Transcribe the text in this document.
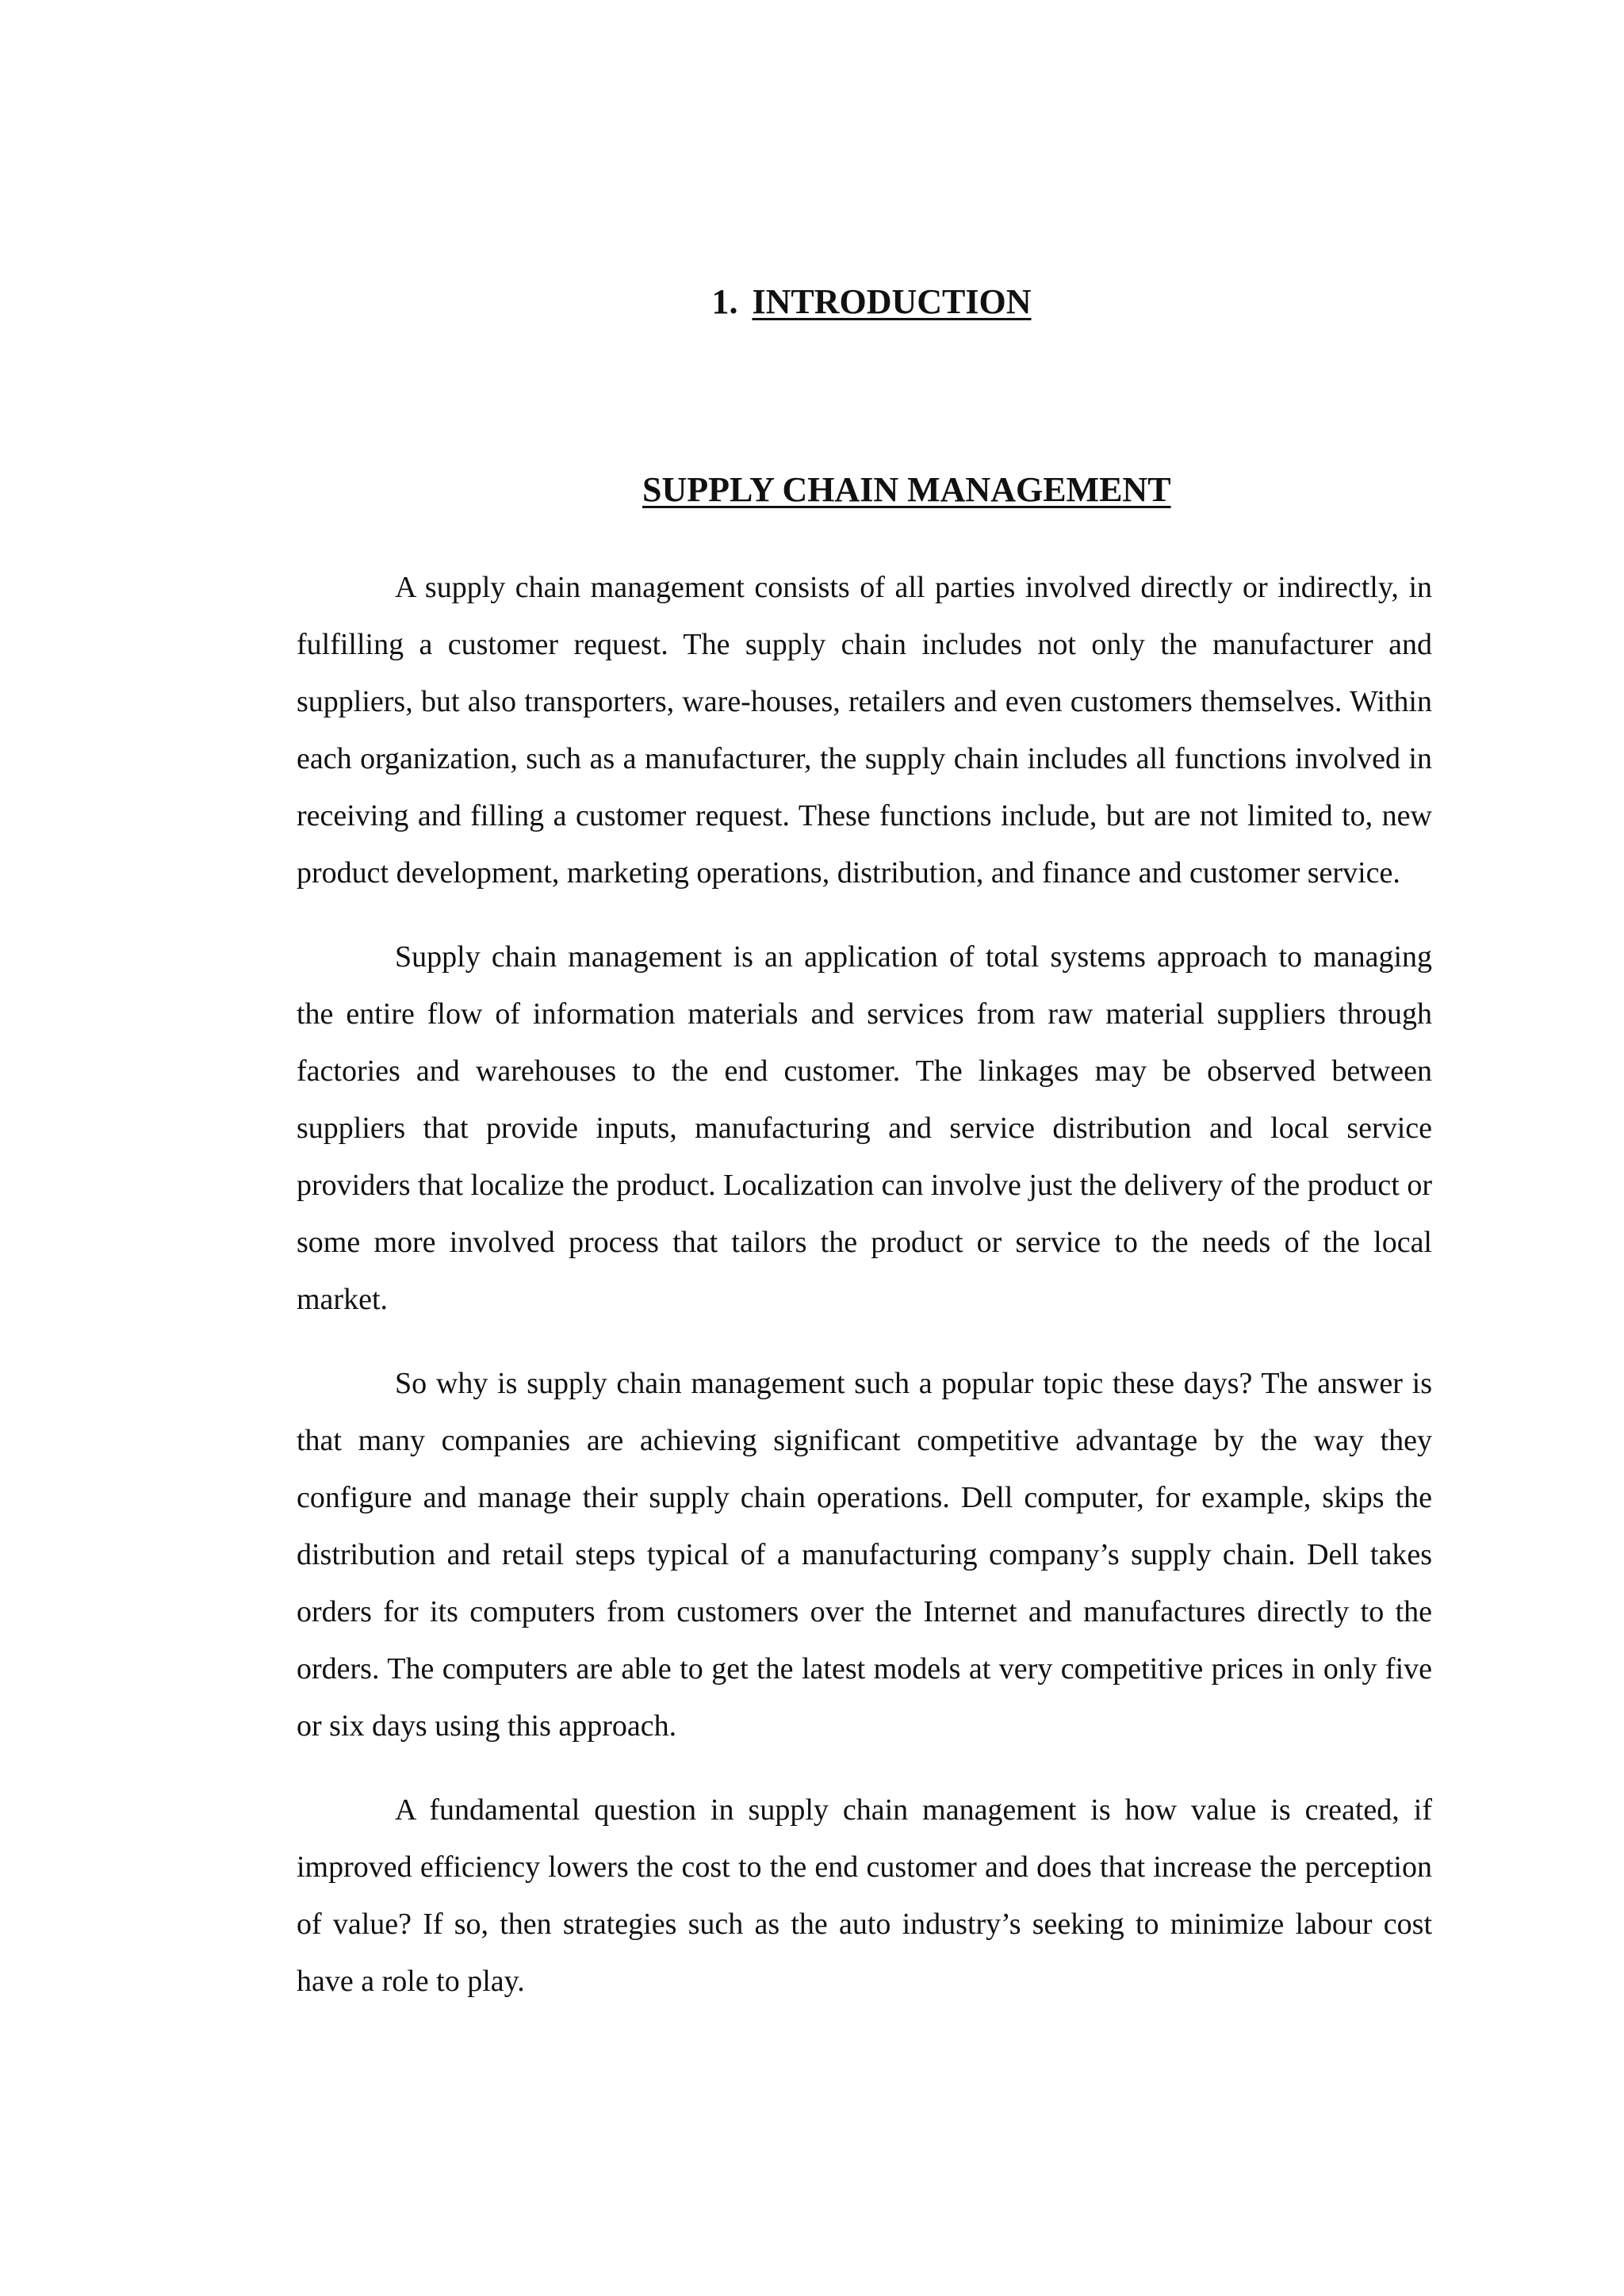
1. INTRODUCTION
SUPPLY CHAIN MANAGEMENT

A supply chain management consists of all parties involved directly or indirectly, in fulfilling a customer request. The supply chain includes not only the manufacturer and suppliers, but also transporters, ware-houses, retailers and even customers themselves. Within each organization, such as a manufacturer, the supply chain includes all functions involved in receiving and filling a customer request. These functions include, but are not limited to, new product development, marketing operations, distribution, and finance and customer service.

Supply chain management is an application of total systems approach to managing the entire flow of information materials and services from raw material suppliers through factories and warehouses to the end customer. The linkages may be observed between suppliers that provide inputs, manufacturing and service distribution and local service providers that localize the product. Localization can involve just the delivery of the product or some more involved process that tailors the product or service to the needs of the local market.

So why is supply chain management such a popular topic these days? The answer is that many companies are achieving significant competitive advantage by the way they configure and manage their supply chain operations. Dell computer, for example, skips the distribution and retail steps typical of a manufacturing company’s supply chain. Dell takes orders for its computers from customers over the Internet and manufactures directly to the orders. The computers are able to get the latest models at very competitive prices in only five or six days using this approach.

A fundamental question in supply chain management is how value is created, if improved efficiency lowers the cost to the end customer and does that increase the perception of value? If so, then strategies such as the auto industry’s seeking to minimize labour cost have a role to play.
